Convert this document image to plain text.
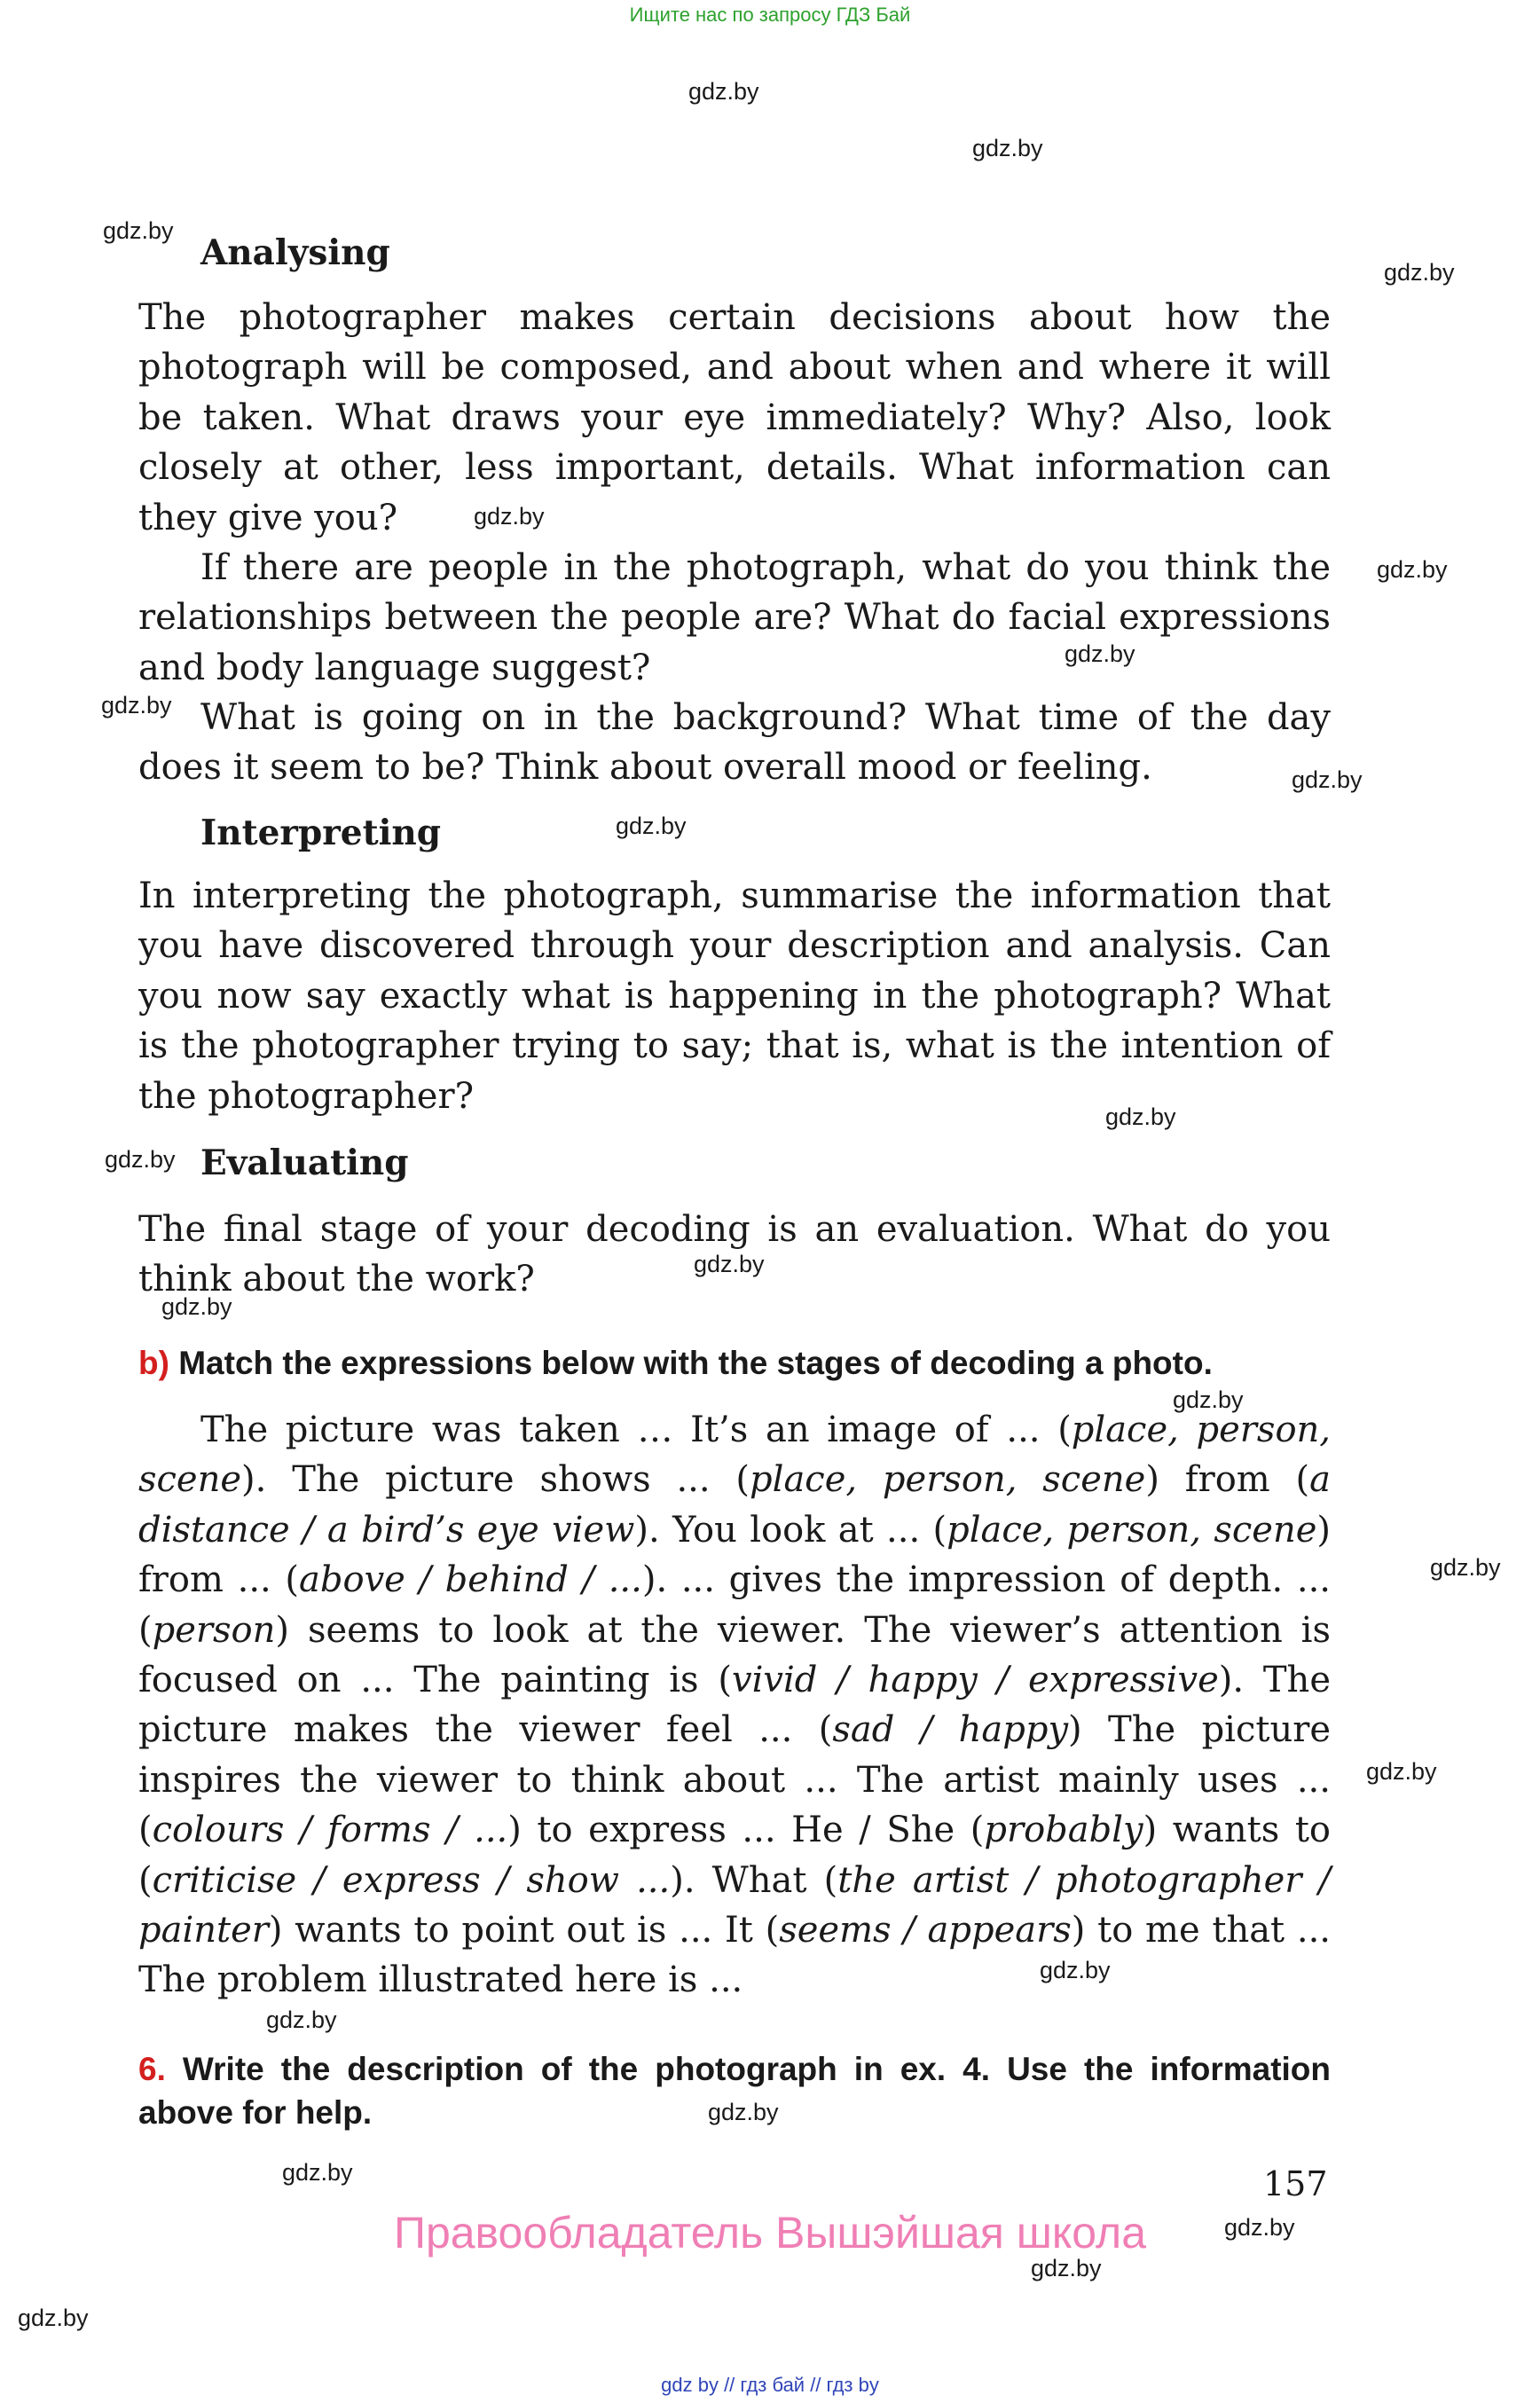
Ищите нас по запросу ГДЗ Бай
gdz.by
gdz.by
gdz.by
gdz.by
gdz.by
gdz.by
gdz.by
gdz.by
gdz.by
gdz.by
gdz.by
gdz.by
gdz.by
gdz.by
gdz.by
gdz.by
gdz.by
gdz.by
gdz.by
gdz.by
gdz.by
gdz.by
gdz.by
gdz.by
Analysing
The photographer makes certain decisions about how the photograph will be composed, and about when and where it will be taken. What draws your eye immediately? Why? Also, look closely at other, less important, details. What information can they give you?
If there are people in the photograph, what do you think the relationships between the people are? What do facial expressions and body language suggest?
What is going on in the background? What time of the day does it seem to be? Think about overall mood or feeling.
Interpreting
In interpreting the photograph, summarise the information that you have discovered through your description and analysis. Can you now say exactly what is happening in the photograph? What is the photographer trying to say; that is, what is the intention of the photographer?
Evaluating
The final stage of your decoding is an evaluation. What do you think about the work?
b) Match the expressions below with the stages of decoding a photo.
The picture was taken … It’s an image of ... (place, person, scene). The picture shows ... (place, person, scene) from (a distance / a bird’s eye view). You look at ... (place, person, scene) from ... (above / behind / ...). ... gives the impression of depth. ... (person) seems to look at the viewer. The viewer’s attention is focused on ... The painting is (vivid / happy / expressive). The picture makes the viewer feel ... (sad / happy) The picture inspires the viewer to think about ... The artist mainly uses ... (colours / forms / ...) to express ... He / She (probably) wants to (criticise / express / show ...). What (the artist / photographer / painter) wants to point out is ... It (seems / appears) to me that ... The problem illustrated here is ...
6. Write the description of the photograph in ex. 4. Use the information above for help.
157
Правообладатель Вышэйшая школа
gdz by // гдз бай // гдз by
